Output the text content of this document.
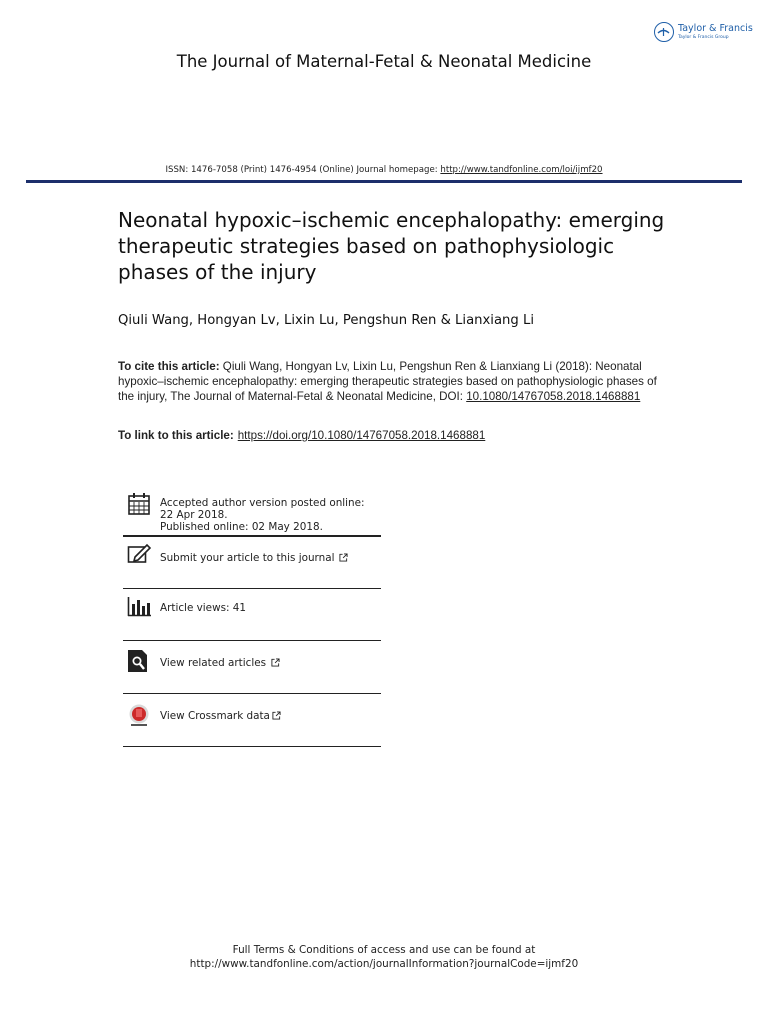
Taylor & Francis
Taylor & Francis Group
The Journal of Maternal-Fetal & Neonatal Medicine
ISSN: 1476-7058 (Print) 1476-4954 (Online) Journal homepage: http://www.tandfonline.com/loi/ijmf20
Neonatal hypoxic–ischemic encephalopathy: emerging therapeutic strategies based on pathophysiologic phases of the injury
Qiuli Wang, Hongyan Lv, Lixin Lu, Pengshun Ren & Lianxiang Li
To cite this article: Qiuli Wang, Hongyan Lv, Lixin Lu, Pengshun Ren & Lianxiang Li (2018): Neonatal hypoxic–ischemic encephalopathy: emerging therapeutic strategies based on pathophysiologic phases of the injury, The Journal of Maternal-Fetal & Neonatal Medicine, DOI: 10.1080/14767058.2018.1468881
To link to this article: https://doi.org/10.1080/14767058.2018.1468881
Accepted author version posted online: 22 Apr 2018.
Published online: 02 May 2018.
Submit your article to this journal
Article views: 41
View related articles
View Crossmark data
Full Terms & Conditions of access and use can be found at
http://www.tandfonline.com/action/journalInformation?journalCode=ijmf20
